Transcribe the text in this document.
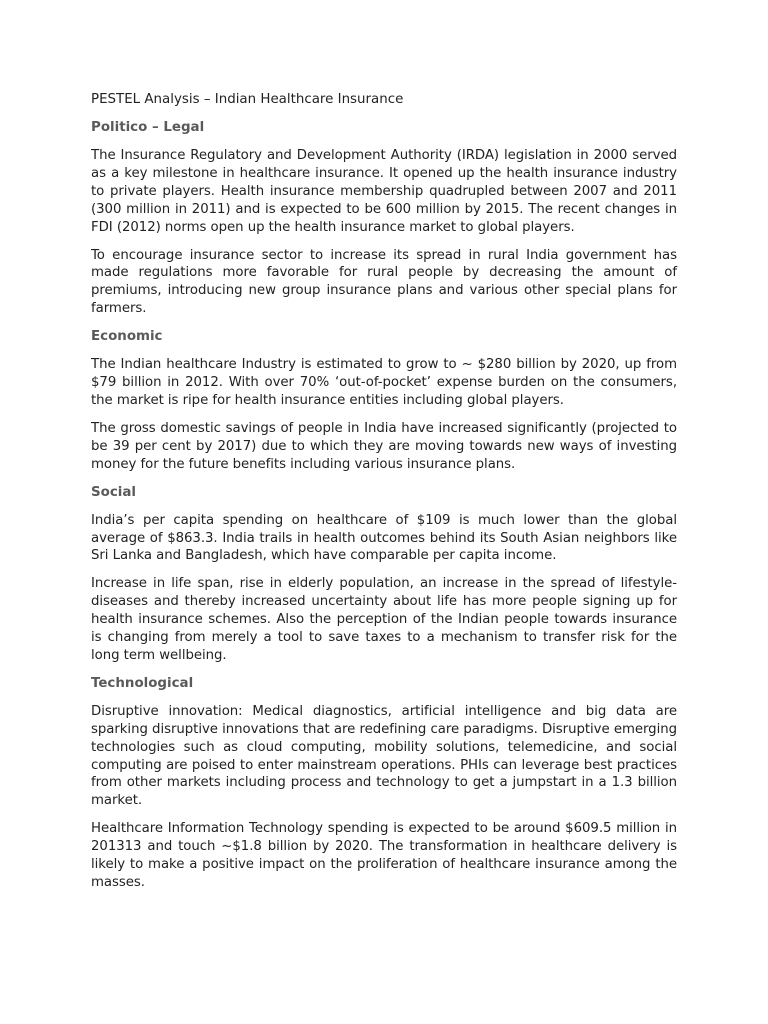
PESTEL Analysis – Indian Healthcare Insurance
Politico – Legal

The Insurance Regulatory and Development Authority (IRDA) legislation in 2000 served as a key milestone in healthcare insurance. It opened up the health insurance industry to private players. Health insurance membership quadrupled between 2007 and 2011 (300 million in 2011) and is expected to be 600 million by 2015. The recent changes in FDI (2012) norms open up the health insurance market to global players.

To encourage insurance sector to increase its spread in rural India government has made regulations more favorable for rural people by decreasing the amount of premiums, introducing new group insurance plans and various other special plans for farmers.

Economic

The Indian healthcare Industry is estimated to grow to ~ $280 billion by 2020, up from $79 billion in 2012. With over 70% ‘out-of-pocket’ expense burden on the consumers, the market is ripe for health insurance entities including global players.

The gross domestic savings of people in India have increased significantly (projected to be 39 per cent by 2017) due to which they are moving towards new ways of investing money for the future benefits including various insurance plans.

Social

India’s per capita spending on healthcare of $109 is much lower than the global average of $863.3. India trails in health outcomes behind its South Asian neighbors like Sri Lanka and Bangladesh, which have comparable per capita income.

Increase in life span, rise in elderly population, an increase in the spread of lifestyle-diseases and thereby increased uncertainty about life has more people signing up for health insurance schemes. Also the perception of the Indian people towards insurance is changing from merely a tool to save taxes to a mechanism to transfer risk for the long term wellbeing.

Technological

Disruptive innovation: Medical diagnostics, artificial intelligence and big data are sparking disruptive innovations that are redefining care paradigms. Disruptive emerging technologies such as cloud computing, mobility solutions, telemedicine, and social computing are poised to enter mainstream operations. PHIs can leverage best practices from other markets including process and technology to get a jumpstart in a 1.3 billion market.

Healthcare Information Technology spending is expected to be around $609.5 million in 201313 and touch ~$1.8 billion by 2020. The transformation in healthcare delivery is likely to make a positive impact on the proliferation of healthcare insurance among the masses.
